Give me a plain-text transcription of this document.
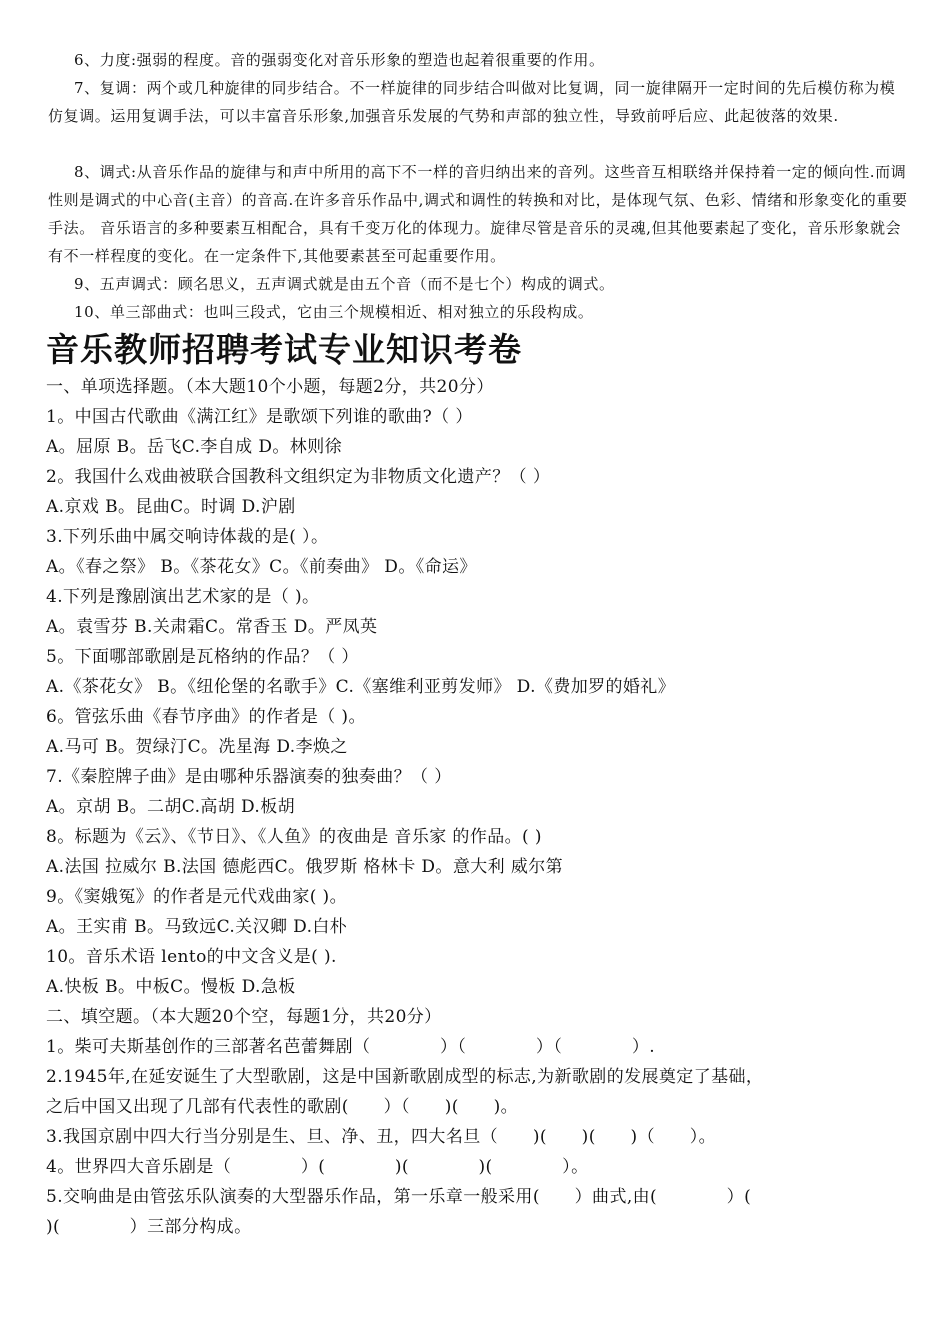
6、力度:强弱的程度。音的强弱变化对音乐形象的塑造也起着很重要的作用。
7、复调：两个或几种旋律的同步结合。不一样旋律的同步结合叫做对比复调，同一旋律隔开一定时间的先后模仿称为模仿复调。运用复调手法，可以丰富音乐形象,加强音乐发展的气势和声部的独立性，导致前呼后应、此起彼落的效果.
8、调式:从音乐作品的旋律与和声中所用的高下不一样的音归纳出来的音列。这些音互相联络并保持着一定的倾向性.而调性则是调式的中心音(主音）的音高.在许多音乐作品中,调式和调性的转换和对比，是体现气氛、色彩、情绪和形象变化的重要手法。 音乐语言的多种要素互相配合，具有千变万化的体现力。旋律尽管是音乐的灵魂,但其他要素起了变化，音乐形象就会有不一样程度的变化。在一定条件下,其他要素甚至可起重要作用。
9、五声调式：顾名思义，五声调式就是由五个音（而不是七个）构成的调式。
10、单三部曲式：也叫三段式，它由三个规模相近、相对独立的乐段构成。
音乐教师招聘考试专业知识考卷
一、单项选择题。（本大题10个小题，每题2分，共20分）
1。中国古代歌曲《满江红》是歌颂下列谁的歌曲?（ ）
A。屈原 B。岳飞C.李自成 D。林则徐
2。我国什么戏曲被联合国教科文组织定为非物质文化遗产？（ ）
A.京戏 B。昆曲C。时调 D.沪剧
3.下列乐曲中属交响诗体裁的是( ）。
A。《春之祭》 B。《茶花女》C。《前奏曲》 D。《命运》
4.下列是豫剧演出艺术家的是（ )。
A。袁雪芬 B.关肃霜C。常香玉 D。严凤英
5。下面哪部歌剧是瓦格纳的作品？（ ）
A.《茶花女》 B。《纽伦堡的名歌手》C.《塞维利亚剪发师》 D.《费加罗的婚礼》
6。管弦乐曲《春节序曲》的作者是（ )。
A.马可 B。贺绿汀C。冼星海 D.李焕之
7.《秦腔牌子曲》是由哪种乐器演奏的独奏曲？（ ）
A。京胡 B。二胡C.高胡 D.板胡
8。标题为《云》、《节日》、《人鱼》的夜曲是 音乐家 的作品。( )
A.法国 拉威尔 B.法国 德彪西C。俄罗斯 格林卡 D。意大利 威尔第
9。《窦娥冤》的作者是元代戏曲家( )。
A。王实甫 B。马致远C.关汉卿 D.白朴
10。音乐术语 lento的中文含义是( ).
A.快板 B。中板C。慢板 D.急板
二、填空题。（本大题20个空，每题1分，共20分）
1。柴可夫斯基创作的三部著名芭蕾舞剧（　　　　）（　　　　）（　　　　）.
2.1945年,在延安诞生了大型歌剧，这是中国新歌剧成型的标志,为新歌剧的发展奠定了基础，
之后中国又出现了几部有代表性的歌剧(　　）（　　)(　　)。
3.我国京剧中四大行当分别是生、旦、净、丑，四大名旦（　　)(　　)(　　)（　　）。
4。世界四大音乐剧是（　　　　）(　　　　)(　　　　)(　　　　）。
5.交响曲是由管弦乐队演奏的大型器乐作品，第一乐章一般采用(　　）曲式,由(　　　　）(
)(　　　　）三部分构成。
